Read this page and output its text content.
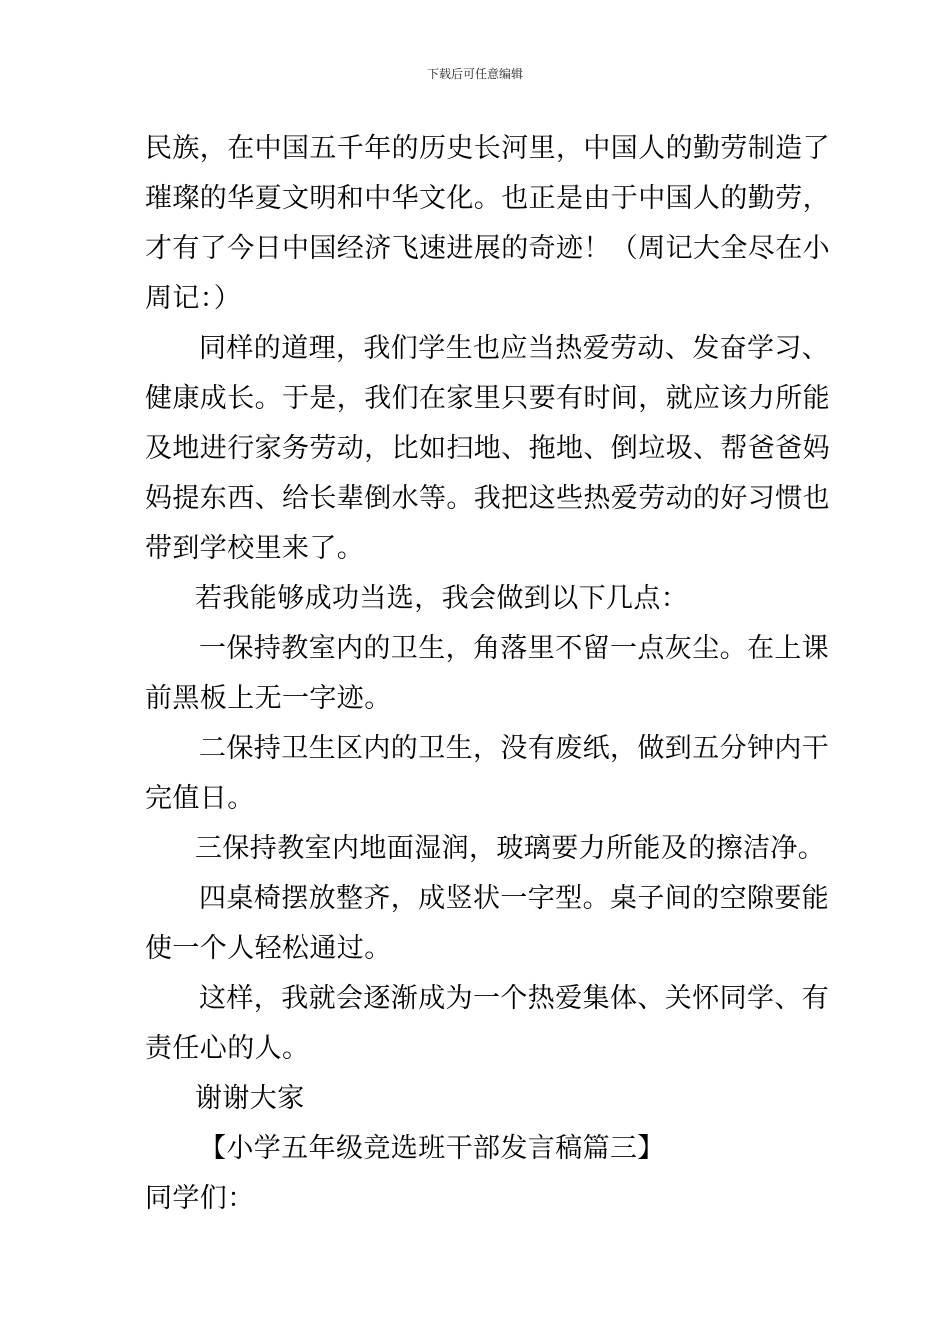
下载后可任意编辑
民族，在中国五千年的历史长河里，中国人的勤劳制造了
璀璨的华夏文明和中华文化。也正是由于中国人的勤劳，
才有了今日中国经济飞速进展的奇迹！（周记大全尽在小
周记：）
同样的道理，我们学生也应当热爱劳动、发奋学习、
健康成长。于是，我们在家里只要有时间，就应该力所能
及地进行家务劳动，比如扫地、拖地、倒垃圾、帮爸爸妈
妈提东西、给长辈倒水等。我把这些热爱劳动的好习惯也
带到学校里来了。
若我能够成功当选，我会做到以下几点：
一保持教室内的卫生，角落里不留一点灰尘。在上课
前黑板上无一字迹。
二保持卫生区内的卫生，没有废纸，做到五分钟内干
完值日。
三保持教室内地面湿润，玻璃要力所能及的擦洁净。
四桌椅摆放整齐，成竖状一字型。桌子间的空隙要能
使一个人轻松通过。
这样，我就会逐渐成为一个热爱集体、关怀同学、有
责任心的人。
谢谢大家
【小学五年级竞选班干部发言稿篇三】
同学们：
